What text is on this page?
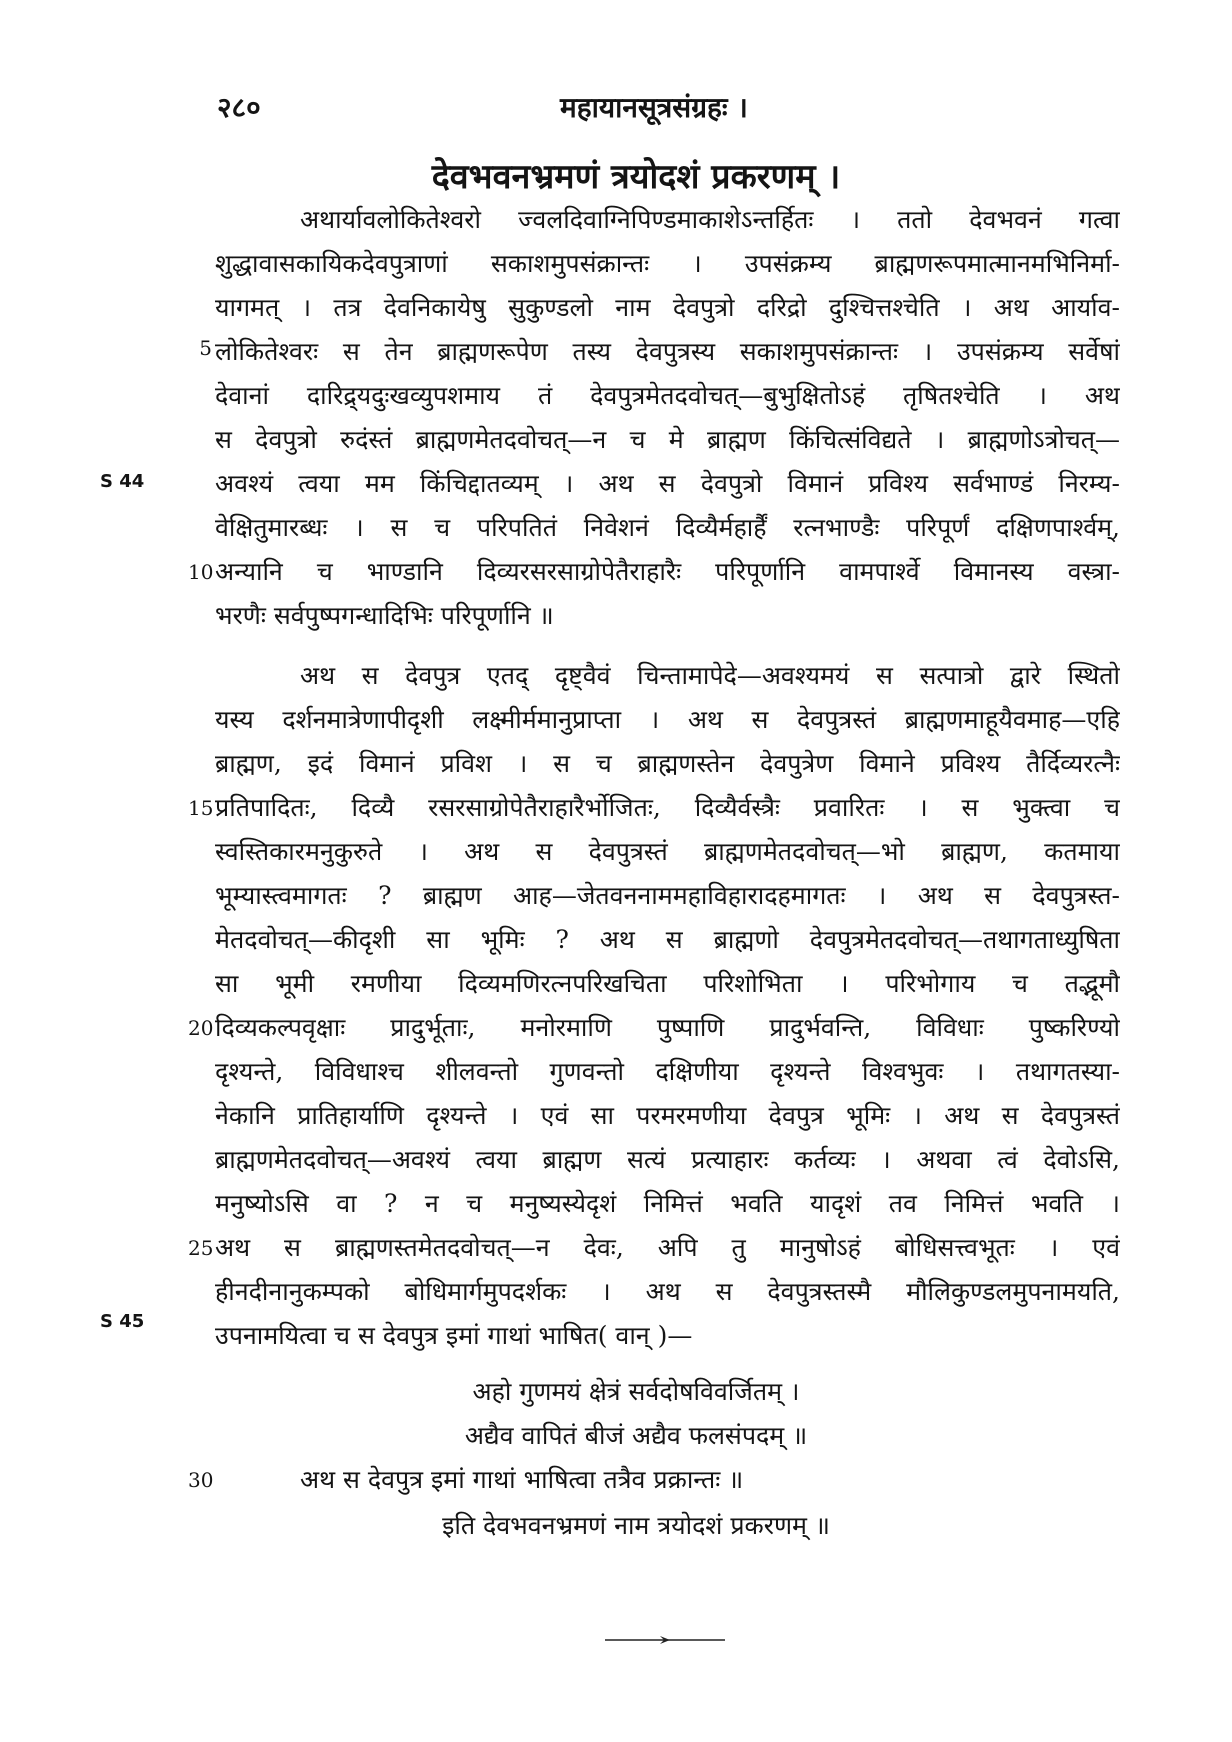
२८०	महायानसूत्रसंग्रहः ।
देवभवनभ्रमणं त्रयोदशं प्रकरणम् ।
अथार्यावलोकितेश्वरो ज्वलदिवाग्निपिण्डमाकाशेऽन्तर्हितः । ततो देवभवनं गत्वा
शुद्धावासकायिकदेवपुत्राणां सकाशमुपसंक्रान्तः । उपसंक्रम्य ब्राह्मणरूपमात्मानमभिनिर्मा-
यागमत् । तत्र देवनिकायेषु सुकुण्डलो नाम देवपुत्रो दरिद्रो दुश्चित्तश्चेति । अथ आर्याव-
5 लोकितेश्वरः स तेन ब्राह्मणरूपेण तस्य देवपुत्रस्य सकाशमुपसंक्रान्तः । उपसंक्रम्य सर्वेषां
देवानां दारिद्र्यदुःखव्युपशमाय तं देवपुत्रमेतदवोचत्—बुभुक्षितोऽहं तृषितश्चेति । अथ
स देवपुत्रो रुदंस्तं ब्राह्मणमेतदवोचत्—न च मे ब्राह्मण किंचित्संविद्यते । ब्राह्मणोऽत्रोचत्—
S 44	अवश्यं त्वया मम किंचिद्दातव्यम् । अथ स देवपुत्रो विमानं प्रविश्य सर्वभाण्डं निरम्य-
वेक्षितुमारब्धः । स च परिपतितं निवेशनं दिव्यैर्महार्हैं रत्नभाण्डैः परिपूर्णं दक्षिणपार्श्वम्,
10 अन्यानि च भाण्डानि दिव्यरसरसाग्रोपेतैराहारैः परिपूर्णानि वामपार्श्वे विमानस्य वस्त्रा-
भरणैः सर्वपुष्पगन्धादिभिः परिपूर्णानि ॥
अथ स देवपुत्र एतद् दृष्ट्वैवं चिन्तामापेदे—अवश्यमयं स सत्पात्रो द्वारे स्थितो
यस्य दर्शनमात्रेणापीदृशी लक्ष्मीर्ममानुप्राप्ता । अथ स देवपुत्रस्तं ब्राह्मणमाहूयैवमाह—एहि
ब्राह्मण, इदं विमानं प्रविश । स च ब्राह्मणस्तेन देवपुत्रेण विमाने प्रविश्य तैर्दिव्यरत्नैः
15 प्रतिपादितः, दिव्यै रसरसाग्रोपेतैराहारैर्भोजितः, दिव्यैर्वस्त्रैः प्रवारितः । स भुक्त्वा च
स्वस्तिकारमनुकुरुते । अथ स देवपुत्रस्तं ब्राह्मणमेतदवोचत्—भो ब्राह्मण, कतमाया
भूम्यास्त्वमागतः ? ब्राह्मण आह—जेतवननाममहाविहारादहमागतः । अथ स देवपुत्रस्त-
मेतदवोचत्—कीदृशी सा भूमिः ? अथ स ब्राह्मणो देवपुत्रमेतदवोचत्—तथागताध्युषिता
सा भूमी रमणीया दिव्यमणिरत्नपरिखचिता परिशोभिता । परिभोगाय च तद्भूमौ
20 दिव्यकल्पवृक्षाः प्रादुर्भूताः, मनोरमाणि पुष्पाणि प्रादुर्भवन्ति, विविधाः पुष्करिण्यो
दृश्यन्ते, विविधाश्च शीलवन्तो गुणवन्तो दक्षिणीया दृश्यन्ते विश्वभुवः । तथागतस्या-
नेकानि प्रातिहार्याणि दृश्यन्ते । एवं सा परमरमणीया देवपुत्र भूमिः । अथ स देवपुत्रस्तं
ब्राह्मणमेतदवोचत्—अवश्यं त्वया ब्राह्मण सत्यं प्रत्याहारः कर्तव्यः । अथवा त्वं देवोऽसि,
मनुष्योऽसि वा ? न च मनुष्यस्येदृशं निमित्तं भवति यादृशं तव निमित्तं भवति ।
S 45
25 अथ स ब्राह्मणस्तमेतदवोचत्—न देवः, अपि तु मानुषोऽहं बोधिसत्त्वभूतः । एवं
हीनदीनानुकम्पको बोधिमार्गमुपदर्शकः । अथ स देवपुत्रस्तस्मै मौलिकुण्डलमुपनामयति,
उपनामयित्वा च स देवपुत्र इमां गाथां भाषित( वान् )—
अहो गुणमयं क्षेत्रं सर्वदोषविवर्जितम् ।
अद्यैव वापितं बीजं अद्यैव फलसंपदम् ॥
30	अथ स देवपुत्र इमां गाथां भाषित्वा तत्रैव प्रक्रान्तः ॥
इति देवभवनभ्रमणं नाम त्रयोदशं प्रकरणम् ॥
